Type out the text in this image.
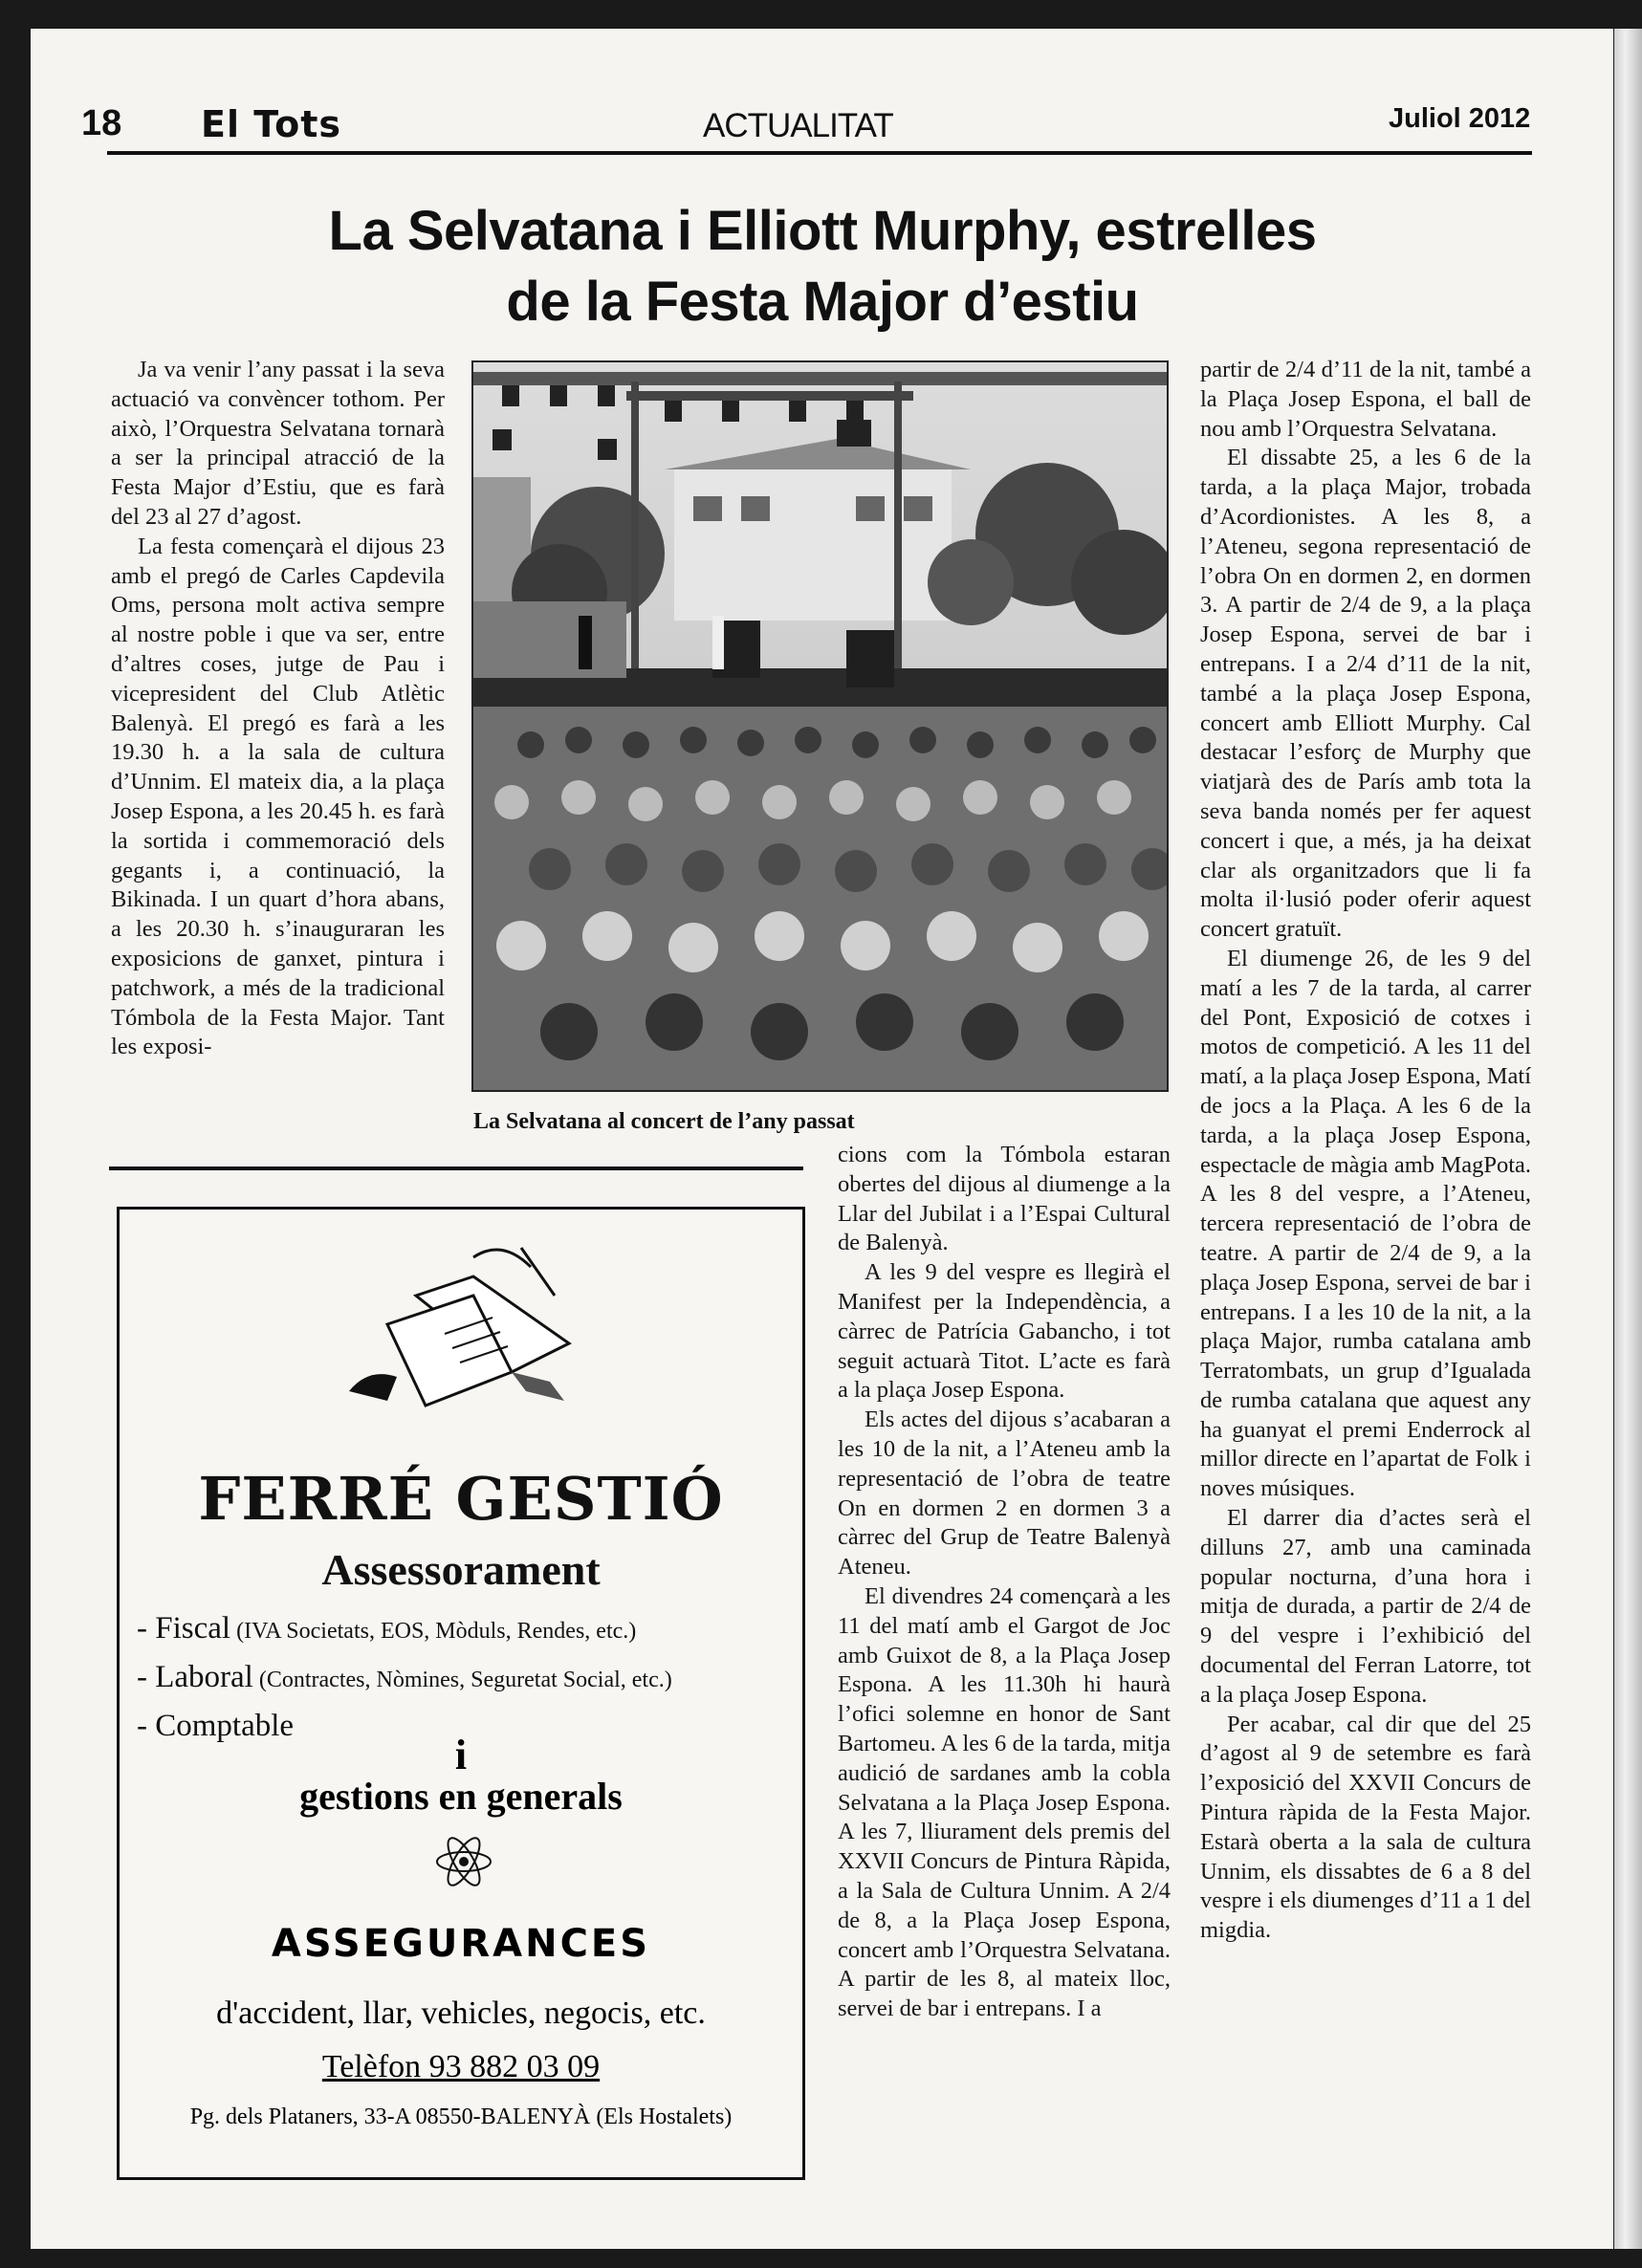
18 El Tots	ACTUALITAT	Juliol 2012
La Selvatana i Elliott Murphy, estrelles
de la Festa Major d’estiu

Ja va venir l’any passat i la seva actuació va convèncer tothom. Per això, l’Orquestra Selvatana tornarà a ser la principal atracció de la Festa Major d’Estiu, que es farà del 23 al 27 d’agost.

La festa començarà el dijous 23 amb el pregó de Carles Capdevila Oms, persona molt activa sempre al nostre poble i que va ser, entre d’altres coses, jutge de Pau i vicepresident del Club Atlètic Balenyà. El pregó es farà a les 19.30 h. a la sala de cultura d’Unnim. El mateix dia, a la plaça Josep Espona, a les 20.45 h. es farà la sortida i commemoració dels gegants i, a continuació, la Bikinada. I un quart d’hora abans, a les 20.30 h. s’inauguraran les exposicions de ganxet, pintura i patchwork, a més de la tradicional Tómbola de la Festa Major. Tant les exposi-

La Selvatana al concert de l’any passat

cions com la Tómbola estaran obertes del dijous al diumenge a la Llar del Jubilat i a l’Espai Cultural de Balenyà.

A les 9 del vespre es llegirà el Manifest per la Independència, a càrrec de Patrícia Gabancho, i tot seguit actuarà Titot. L’acte es farà a la plaça Josep Espona.

Els actes del dijous s’acabaran a les 10 de la nit, a l’Ateneu amb la representació de l’obra de teatre On en dormen 2 en dormen 3 a càrrec del Grup de Teatre Balenyà Ateneu.

El divendres 24 començarà a les 11 del matí amb el Gargot de Joc amb Guixot de 8, a la Plaça Josep Espona. A les 11.30h hi haurà l’ofici solemne en honor de Sant Bartomeu. A les 6 de la tarda, mitja audició de sardanes amb la cobla Selvatana a la Plaça Josep Espona. A les 7, lliurament dels premis del XXVII Concurs de Pintura Ràpida, a la Sala de Cultura Unnim. A 2/4 de 8, a la Plaça Josep Espona, concert amb l’Orquestra Selvatana. A partir de les 8, al mateix lloc, servei de bar i entrepans. I a

partir de 2/4 d’11 de la nit, també a la Plaça Josep Espona, el ball de nou amb l’Orquestra Selvatana.

El dissabte 25, a les 6 de la tarda, a la plaça Major, trobada d’Acordionistes. A les 8, a l’Ateneu, segona representació de l’obra On en dormen 2, en dormen 3. A partir de 2/4 de 9, a la plaça Josep Espona, servei de bar i entrepans. I a 2/4 d’11 de la nit, també a la plaça Josep Espona, concert amb Elliott Murphy. Cal destacar l’esforç de Murphy que viatjarà des de París amb tota la seva banda només per fer aquest concert i que, a més, ja ha deixat clar als organitzadors que li fa molta il·lusió poder oferir aquest concert gratuït.

El diumenge 26, de les 9 del matí a les 7 de la tarda, al carrer del Pont, Exposició de cotxes i motos de competició. A les 11 del matí, a la plaça Josep Espona, Matí de jocs a la Plaça. A les 6 de la tarda, a la plaça Josep Espona, espectacle de màgia amb MagPota. A les 8 del vespre, a l’Ateneu, tercera representació de l’obra de teatre. A partir de 2/4 de 9, a la plaça Josep Espona, servei de bar i entrepans. I a les 10 de la nit, a la plaça Major, rumba catalana amb Terratombats, un grup d’Igualada de rumba catalana que aquest any ha guanyat el premi Enderrock al millor directe en l’apartat de Folk i noves músiques.

El darrer dia d’actes serà el dilluns 27, amb una caminada popular nocturna, d’una hora i mitja de durada, a partir de 2/4 de 9 del vespre i l’exhibició del documental del Ferran Latorre, tot a la plaça Josep Espona.

Per acabar, cal dir que del 25 d’agost al 9 de setembre es farà l’exposició del XXVII Concurs de Pintura ràpida de la Festa Major. Estarà oberta a la sala de cultura Unnim, els dissabtes de 6 a 8 del vespre i els diumenges d’11 a 1 del migdia.

FERRÉ GESTIÓ
Assessorament
- Fiscal (IVA Societats, EOS, Mòduls, Rendes, etc.)
- Laboral (Contractes, Nòmines, Seguretat Social, etc.)
- Comptable
i
gestions en generals
ASSEGURANCES
d'accident, llar, vehicles, negocis, etc.
Telèfon 93 882 03 09
Pg. dels Plataners, 33-A 08550-BALENYÀ (Els Hostalets)
